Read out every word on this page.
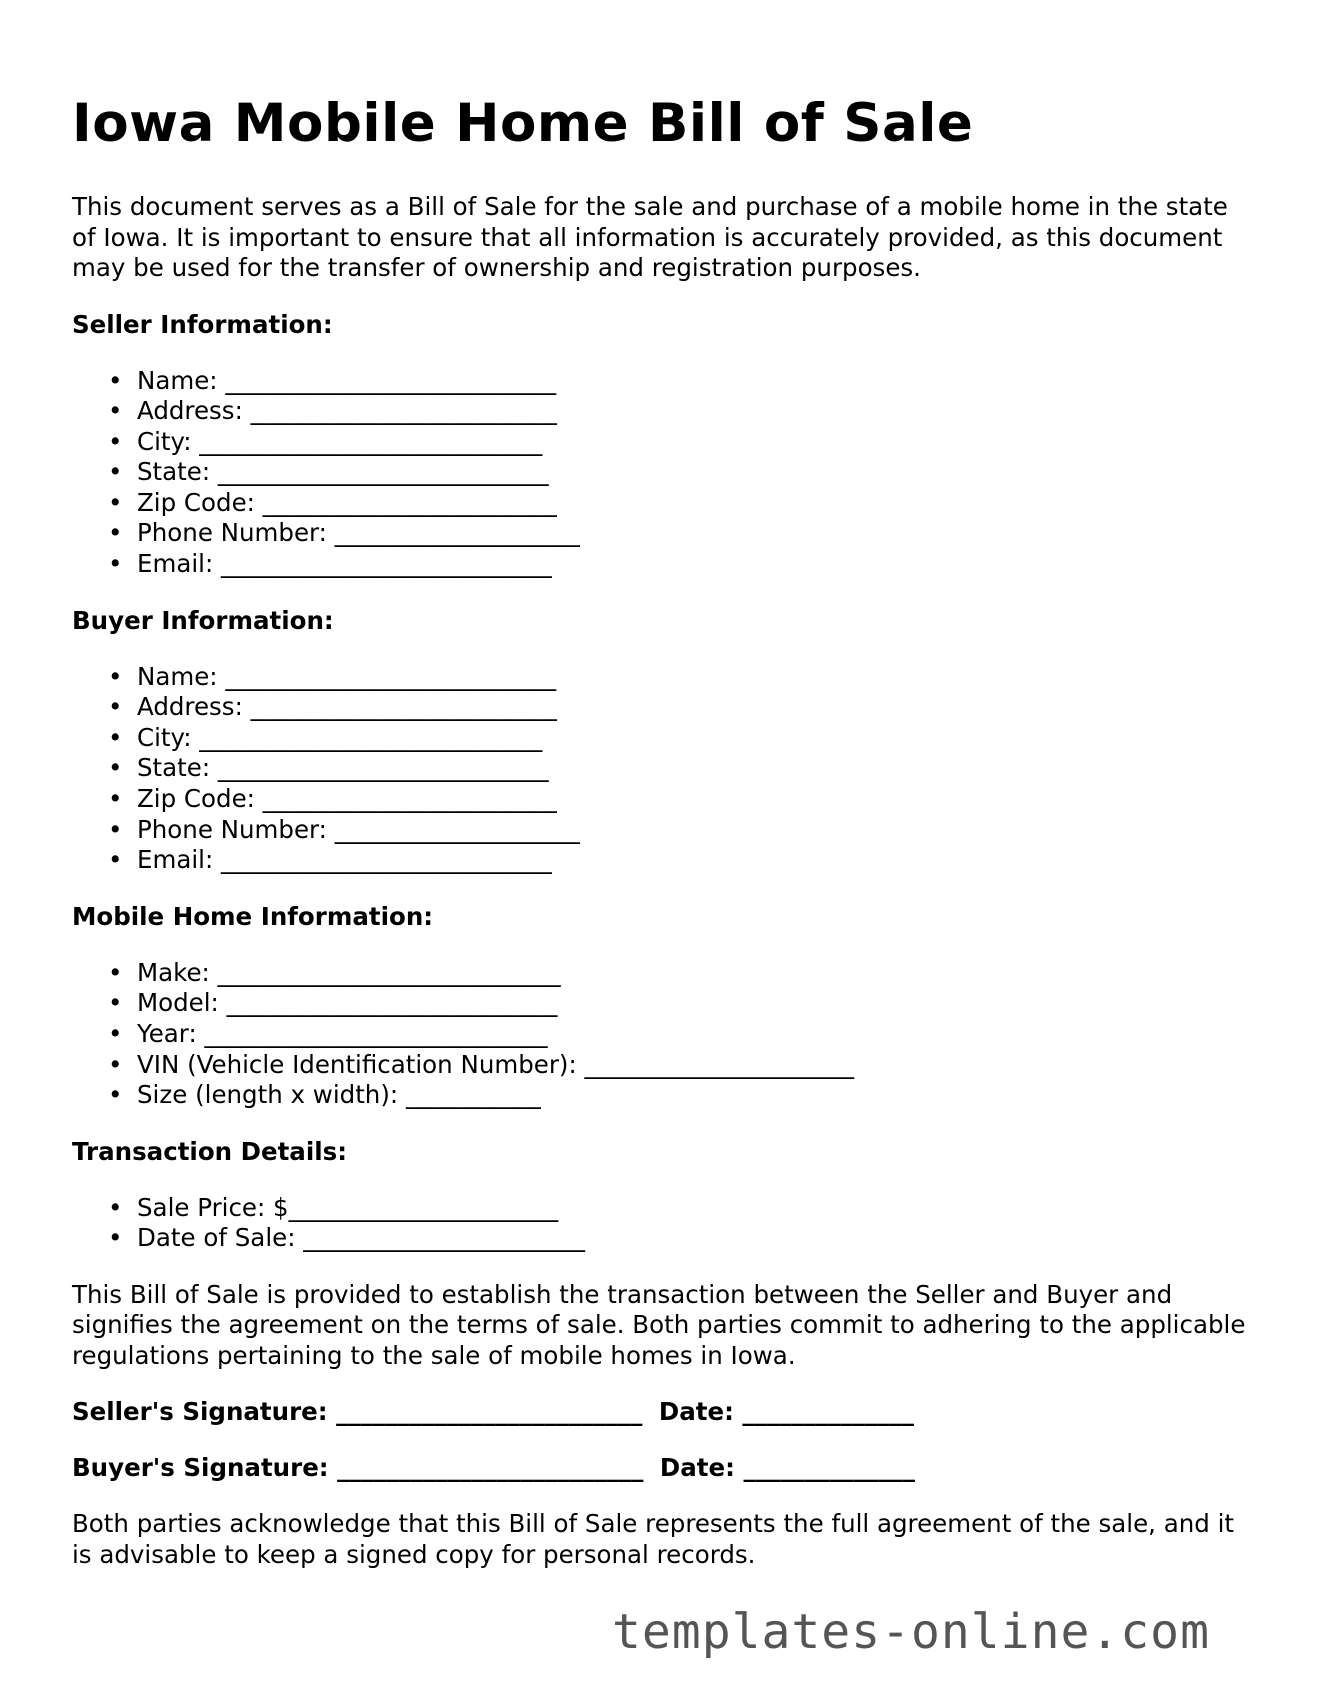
Iowa Mobile Home Bill of Sale

This document serves as a Bill of Sale for the sale and purchase of a mobile home in the state of Iowa. It is important to ensure that all information is accurately provided, as this document may be used for the transfer of ownership and registration purposes.

Seller Information:
• Name: ___________________________
• Address: _________________________
• City: ____________________________
• State: ___________________________
• Zip Code: ________________________
• Phone Number: ____________________
• Email: ___________________________
Buyer Information:
• Name: ___________________________
• Address: _________________________
• City: ____________________________
• State: ___________________________
• Zip Code: ________________________
• Phone Number: ____________________
• Email: ___________________________
Mobile Home Information:
• Make: ____________________________
• Model: ___________________________
• Year: ____________________________
• VIN (Vehicle Identification Number): ______________________
• Size (length x width): ___________
Transaction Details:
• Sale Price: $______________________
• Date of Sale: _______________________

This Bill of Sale is provided to establish the transaction between the Seller and Buyer and signifies the agreement on the terms of sale. Both parties commit to adhering to the applicable regulations pertaining to the sale of mobile homes in Iowa.

Seller's Signature: _________________________ Date: ______________
Buyer's Signature: _________________________ Date: ______________

Both parties acknowledge that this Bill of Sale represents the full agreement of the sale, and it is advisable to keep a signed copy for personal records.

templates-online.com
